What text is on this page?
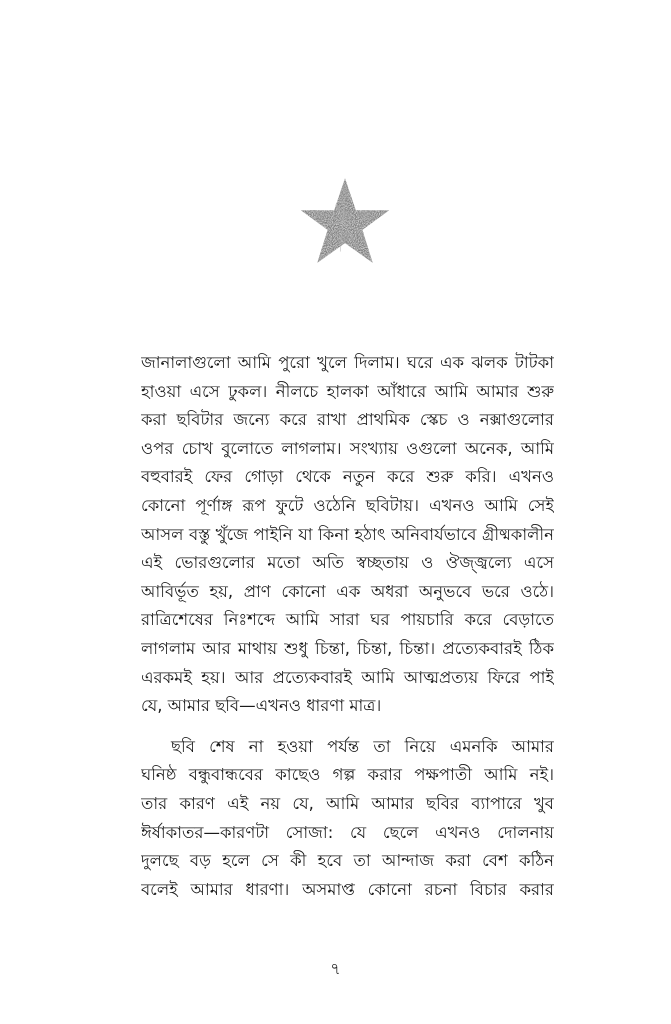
জানালাগুলো আমি পুরো খুলে দিলাম। ঘরে এক ঝলক টাটকা
হাওয়া এসে ঢুকল। নীলচে হালকা আঁধারে আমি আমার শুরু
করা ছবিটার জন্যে করে রাখা প্রাথমিক স্কেচ ও নক্সাগুলোর
ওপর চোখ বুলোতে লাগলাম। সংখ্যায় ওগুলো অনেক, আমি
বহুবারই ফের গোড়া থেকে নতুন করে শুরু করি। এখনও
কোনো পূর্ণাঙ্গ রূপ ফুটে ওঠেনি ছবিটায়। এখনও আমি সেই
আসল বস্তু খুঁজে পাইনি যা কিনা হঠাৎ অনিবার্যভাবে গ্রীষ্মকালীন
এই ভোরগুলোর মতো অতি স্বচ্ছতায় ও ঔজ্জ্বল্যে এসে
আবির্ভূত হয়, প্রাণ কোনো এক অধরা অনুভবে ভরে ওঠে।
রাত্রিশেষের নিঃশব্দে আমি সারা ঘর পায়চারি করে বেড়াতে
লাগলাম আর মাথায় শুধু চিন্তা, চিন্তা, চিন্তা। প্রত্যেকবারই ঠিক
এরকমই হয়। আর প্রত্যেকবারই আমি আত্মপ্রত্যয় ফিরে পাই
যে, আমার ছবি—এখনও ধারণা মাত্র।
ছবি শেষ না হওয়া পর্যন্ত তা নিয়ে এমনকি আমার
ঘনিষ্ঠ বন্ধুবান্ধবের কাছেও গল্প করার পক্ষপাতী আমি নই।
তার কারণ এই নয় যে, আমি আমার ছবির ব্যাপারে খুব
ঈর্ষাকাতর—কারণটা সোজা: যে ছেলে এখনও দোলনায়
দুলছে বড় হলে সে কী হবে তা আন্দাজ করা বেশ কঠিন
বলেই আমার ধারণা। অসমাপ্ত কোনো রচনা বিচার করার
৭
